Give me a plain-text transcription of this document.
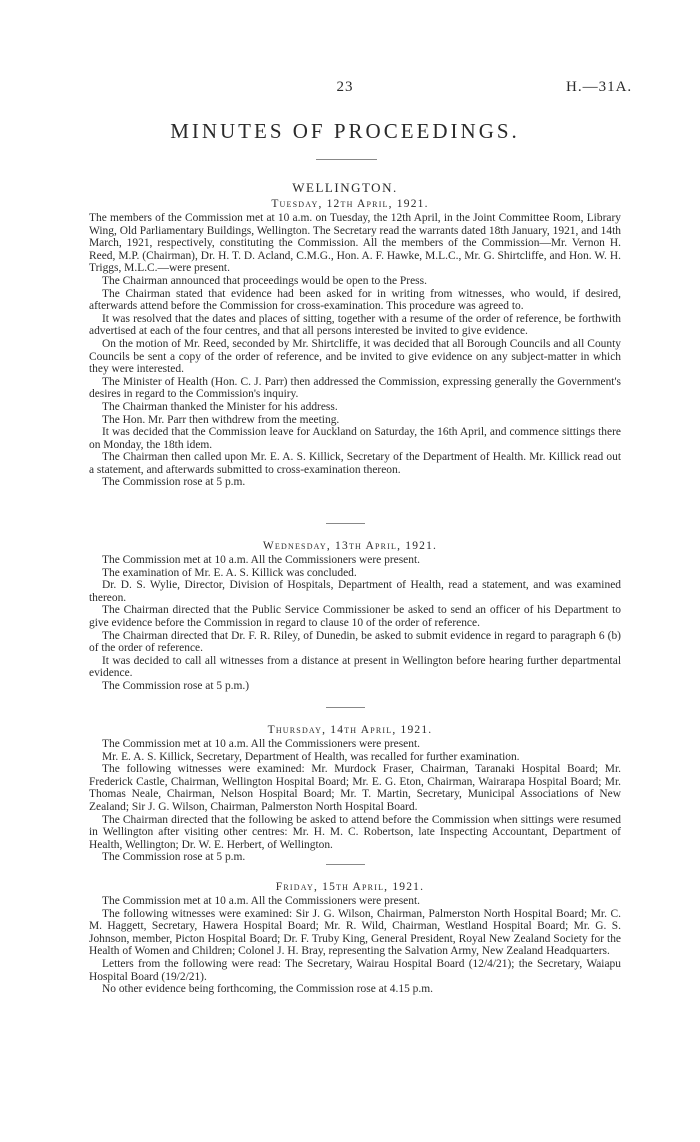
23	H.—31A.
MINUTES OF PROCEEDINGS.
WELLINGTON.
Tuesday, 12th April, 1921.

The members of the Commission met at 10 a.m. on Tuesday, the 12th April, in the Joint Committee Room, Library Wing, Old Parliamentary Buildings, Wellington. The Secretary read the warrants dated 18th January, 1921, and 14th March, 1921, respectively, constituting the Commission. All the members of the Commission—Mr. Vernon H. Reed, M.P. (Chairman), Dr. H. T. D. Acland, C.M.G., Hon. A. F. Hawke, M.L.C., Mr. G. Shirtcliffe, and Hon. W. H. Triggs, M.L.C.—were present.

The Chairman announced that proceedings would be open to the Press.

The Chairman stated that evidence had been asked for in writing from witnesses, who would, if desired, afterwards attend before the Commission for cross-examination. This procedure was agreed to.

It was resolved that the dates and places of sitting, together with a resume of the order of reference, be forthwith advertised at each of the four centres, and that all persons interested be invited to give evidence.

On the motion of Mr. Reed, seconded by Mr. Shirtcliffe, it was decided that all Borough Councils and all County Councils be sent a copy of the order of reference, and be invited to give evidence on any subject-matter in which they were interested.

The Minister of Health (Hon. C. J. Parr) then addressed the Commission, expressing generally the Government's desires in regard to the Commission's inquiry.

The Chairman thanked the Minister for his address.

The Hon. Mr. Parr then withdrew from the meeting.

It was decided that the Commission leave for Auckland on Saturday, the 16th April, and commence sittings there on Monday, the 18th idem.

The Chairman then called upon Mr. E. A. S. Killick, Secretary of the Department of Health. Mr. Killick read out a statement, and afterwards submitted to cross-examination thereon.

The Commission rose at 5 p.m.

Wednesday, 13th April, 1921.

The Commission met at 10 a.m. All the Commissioners were present.

The examination of Mr. E. A. S. Killick was concluded.

Dr. D. S. Wylie, Director, Division of Hospitals, Department of Health, read a statement, and was examined thereon.

The Chairman directed that the Public Service Commissioner be asked to send an officer of his Department to give evidence before the Commission in regard to clause 10 of the order of reference.

The Chairman directed that Dr. F. R. Riley, of Dunedin, be asked to submit evidence in regard to paragraph 6 (b) of the order of reference.

It was decided to call all witnesses from a distance at present in Wellington before hearing further departmental evidence.

The Commission rose at 5 p.m.)

Thursday, 14th April, 1921.

The Commission met at 10 a.m. All the Commissioners were present.

Mr. E. A. S. Killick, Secretary, Department of Health, was recalled for further examination.

The following witnesses were examined: Mr. Murdock Fraser, Chairman, Taranaki Hospital Board; Mr. Frederick Castle, Chairman, Wellington Hospital Board; Mr. E. G. Eton, Chairman, Wairarapa Hospital Board; Mr. Thomas Neale, Chairman, Nelson Hospital Board; Mr. T. Martin, Secretary, Municipal Associations of New Zealand; Sir J. G. Wilson, Chairman, Palmerston North Hospital Board.

The Chairman directed that the following be asked to attend before the Commission when sittings were resumed in Wellington after visiting other centres: Mr. H. M. C. Robertson, late Inspecting Accountant, Department of Health, Wellington; Dr. W. E. Herbert, of Wellington.

The Commission rose at 5 p.m.

Friday, 15th April, 1921.

The Commission met at 10 a.m. All the Commissioners were present.

The following witnesses were examined: Sir J. G. Wilson, Chairman, Palmerston North Hospital Board; Mr. C. M. Haggett, Secretary, Hawera Hospital Board; Mr. R. Wild, Chairman, Westland Hospital Board; Mr. G. S. Johnson, member, Picton Hospital Board; Dr. F. Truby King, General President, Royal New Zealand Society for the Health of Women and Children; Colonel J. H. Bray, representing the Salvation Army, New Zealand Headquarters.

Letters from the following were read: The Secretary, Wairau Hospital Board (12/4/21); the Secretary, Waiapu Hospital Board (19/2/21).

No other evidence being forthcoming, the Commission rose at 4.15 p.m.
